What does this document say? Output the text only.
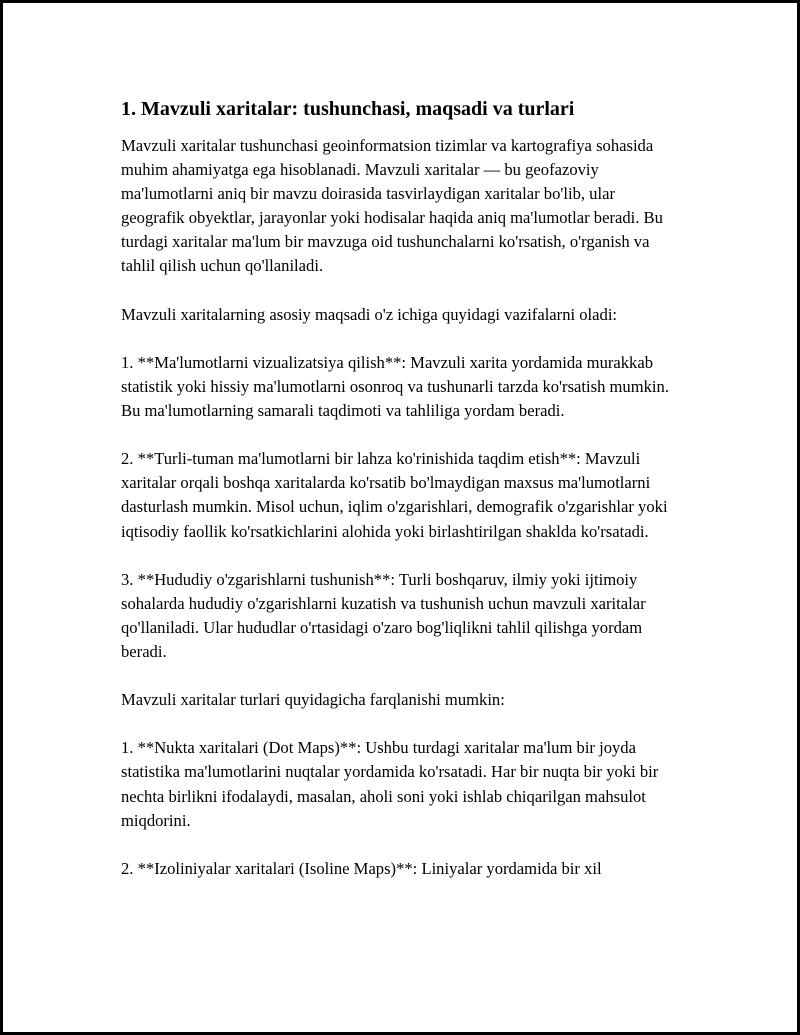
1. Mavzuli xaritalar: tushunchasi, maqsadi va turlari

Mavzuli xaritalar tushunchasi geoinformatsion tizimlar va kartografiya sohasida muhim ahamiyatga ega hisoblanadi. Mavzuli xaritalar — bu geofazoviy ma'lumotlarni aniq bir mavzu doirasida tasvirlaydigan xaritalar bo'lib, ular geografik obyektlar, jarayonlar yoki hodisalar haqida aniq ma'lumotlar beradi. Bu turdagi xaritalar ma'lum bir mavzuga oid tushunchalarni ko'rsatish, o'rganish va tahlil qilish uchun qo'llaniladi.

Mavzuli xaritalarning asosiy maqsadi o'z ichiga quyidagi vazifalarni oladi:

1. **Ma'lumotlarni vizualizatsiya qilish**: Mavzuli xarita yordamida murakkab statistik yoki hissiy ma'lumotlarni osonroq va tushunarli tarzda ko'rsatish mumkin. Bu ma'lumotlarning samarali taqdimoti va tahliliga yordam beradi.

2. **Turli-tuman ma'lumotlarni bir lahza ko'rinishida taqdim etish**: Mavzuli xaritalar orqali boshqa xaritalarda ko'rsatib bo'lmaydigan maxsus ma'lumotlarni dasturlash mumkin. Misol uchun, iqlim o'zgarishlari, demografik o'zgarishlar yoki iqtisodiy faollik ko'rsatkichlarini alohida yoki birlashtirilgan shaklda ko'rsatadi.

3. **Hududiy o'zgarishlarni tushunish**: Turli boshqaruv, ilmiy yoki ijtimoiy sohalarda hududiy o'zgarishlarni kuzatish va tushunish uchun mavzuli xaritalar qo'llaniladi. Ular hududlar o'rtasidagi o'zaro bog'liqlikni tahlil qilishga yordam beradi.

Mavzuli xaritalar turlari quyidagicha farqlanishi mumkin:

1. **Nukta xaritalari (Dot Maps)**: Ushbu turdagi xaritalar ma'lum bir joyda statistika ma'lumotlarini nuqtalar yordamida ko'rsatadi. Har bir nuqta bir yoki bir nechta birlikni ifodalaydi, masalan, aholi soni yoki ishlab chiqarilgan mahsulot miqdorini.

2. **Izoliniyalar xaritalari (Isoline Maps)**: Liniyalar yordamida bir xil
